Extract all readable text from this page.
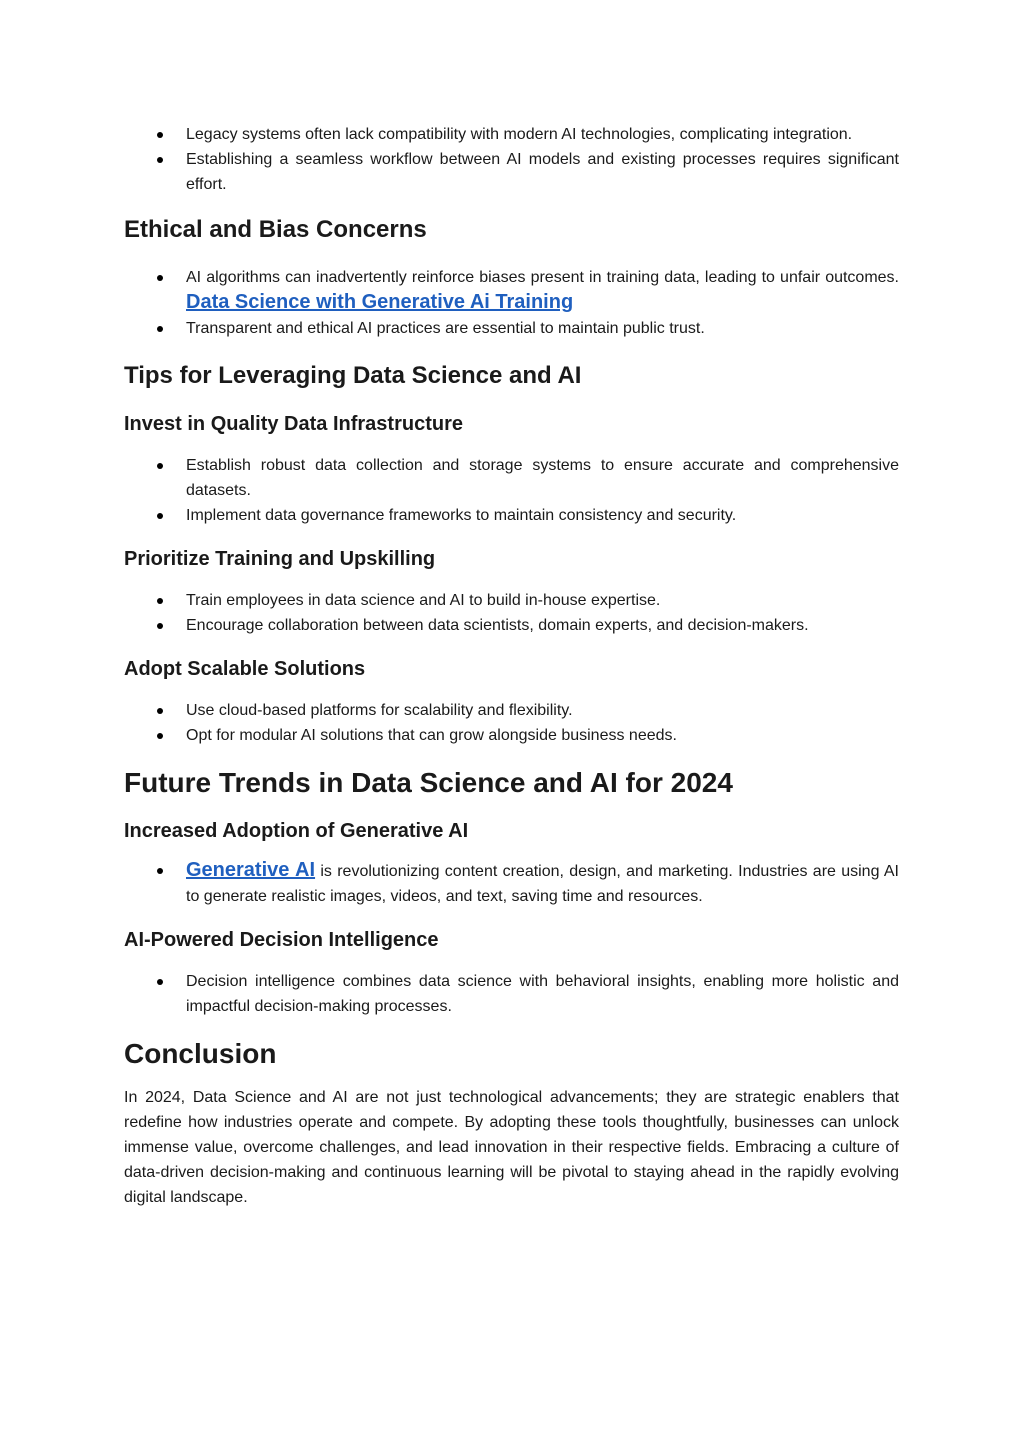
Legacy systems often lack compatibility with modern AI technologies, complicating integration.
Establishing a seamless workflow between AI models and existing processes requires significant effort.
Ethical and Bias Concerns
AI algorithms can inadvertently reinforce biases present in training data, leading to unfair outcomes. Data Science with Generative Ai Training
Transparent and ethical AI practices are essential to maintain public trust.
Tips for Leveraging Data Science and AI
Invest in Quality Data Infrastructure
Establish robust data collection and storage systems to ensure accurate and comprehensive datasets.
Implement data governance frameworks to maintain consistency and security.
Prioritize Training and Upskilling
Train employees in data science and AI to build in-house expertise.
Encourage collaboration between data scientists, domain experts, and decision-makers.
Adopt Scalable Solutions
Use cloud-based platforms for scalability and flexibility.
Opt for modular AI solutions that can grow alongside business needs.
Future Trends in Data Science and AI for 2024
Increased Adoption of Generative AI
Generative AI is revolutionizing content creation, design, and marketing. Industries are using AI to generate realistic images, videos, and text, saving time and resources.
AI-Powered Decision Intelligence
Decision intelligence combines data science with behavioral insights, enabling more holistic and impactful decision-making processes.
Conclusion

In 2024, Data Science and AI are not just technological advancements; they are strategic enablers that redefine how industries operate and compete. By adopting these tools thoughtfully, businesses can unlock immense value, overcome challenges, and lead innovation in their respective fields. Embracing a culture of data-driven decision-making and continuous learning will be pivotal to staying ahead in the rapidly evolving digital landscape.
